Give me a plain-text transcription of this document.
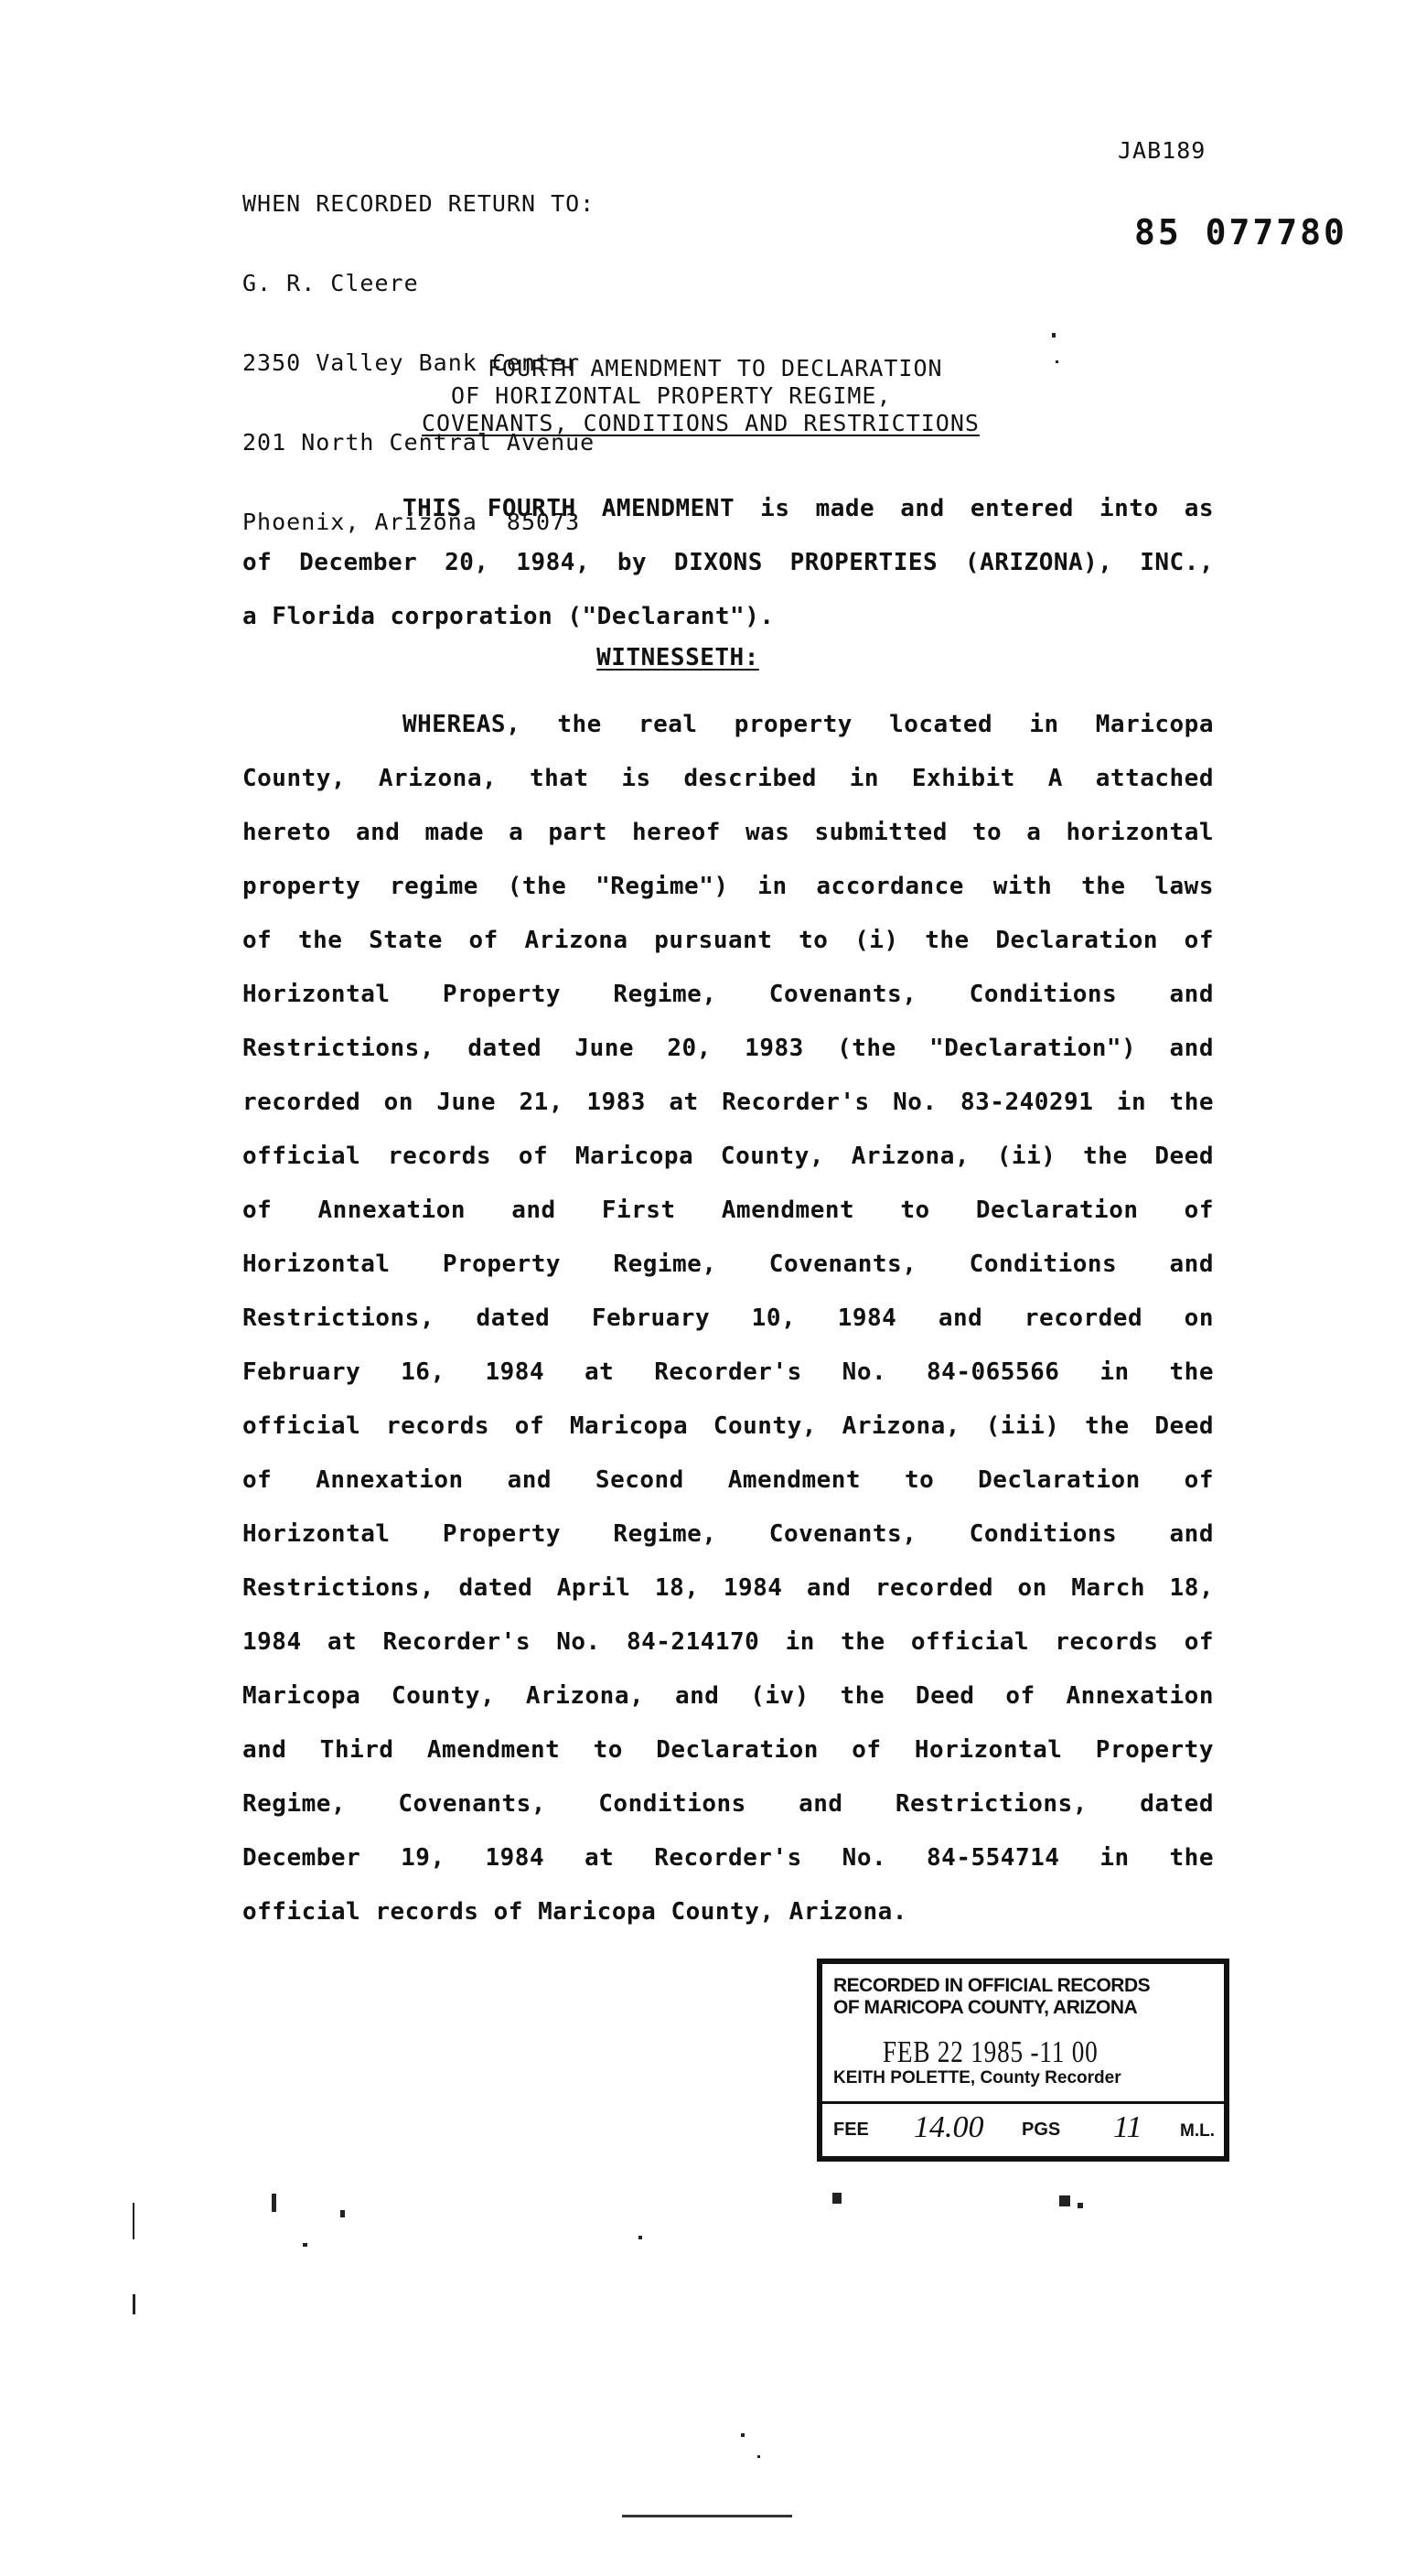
WHEN RECORDED RETURN TO:

G. R. Cleere

2350 Valley Bank Center

201 North Central Avenue

Phoenix, Arizona  85073

JAB189
85 077780
FOURTH AMENDMENT TO DECLARATION
OF HORIZONTAL PROPERTY REGIME,
COVENANTS, CONDITIONS AND RESTRICTIONS
THIS FOURTH AMENDMENT is made and entered into as
of December 20, 1984, by DIXONS PROPERTIES (ARIZONA), INC.,
a Florida corporation ("Declarant").
WITNESSETH:
WHEREAS, the real property located in Maricopa
County, Arizona, that is described in Exhibit A attached
hereto and made a part hereof was submitted to a horizontal
property regime (the "Regime") in accordance with the laws
of the State of Arizona pursuant to (i) the Declaration of
Horizontal Property Regime, Covenants, Conditions and
Restrictions, dated June 20, 1983 (the "Declaration") and
recorded on June 21, 1983 at Recorder's No. 83-240291 in the
official records of Maricopa County, Arizona, (ii) the Deed
of Annexation and First Amendment to Declaration of
Horizontal Property Regime, Covenants, Conditions and
Restrictions, dated February 10, 1984 and recorded on
February 16, 1984 at Recorder's No. 84-065566 in the
official records of Maricopa County, Arizona, (iii) the Deed
of Annexation and Second Amendment to Declaration of
Horizontal Property Regime, Covenants, Conditions and
Restrictions, dated April 18, 1984 and recorded on March 18,
1984 at Recorder's No. 84-214170 in the official records of
Maricopa County, Arizona, and (iv) the Deed of Annexation
and Third Amendment to Declaration of Horizontal Property
Regime, Covenants, Conditions and Restrictions, dated
December 19, 1984 at Recorder's No. 84-554714 in the
official records of Maricopa County, Arizona.
RECORDED IN OFFICIAL RECORDS
OF MARICOPA COUNTY, ARIZONA
FEB 22 1985 -11 00
KEITH POLETTE, County Recorder
FEE 14.00 PGS 11 M.L.
